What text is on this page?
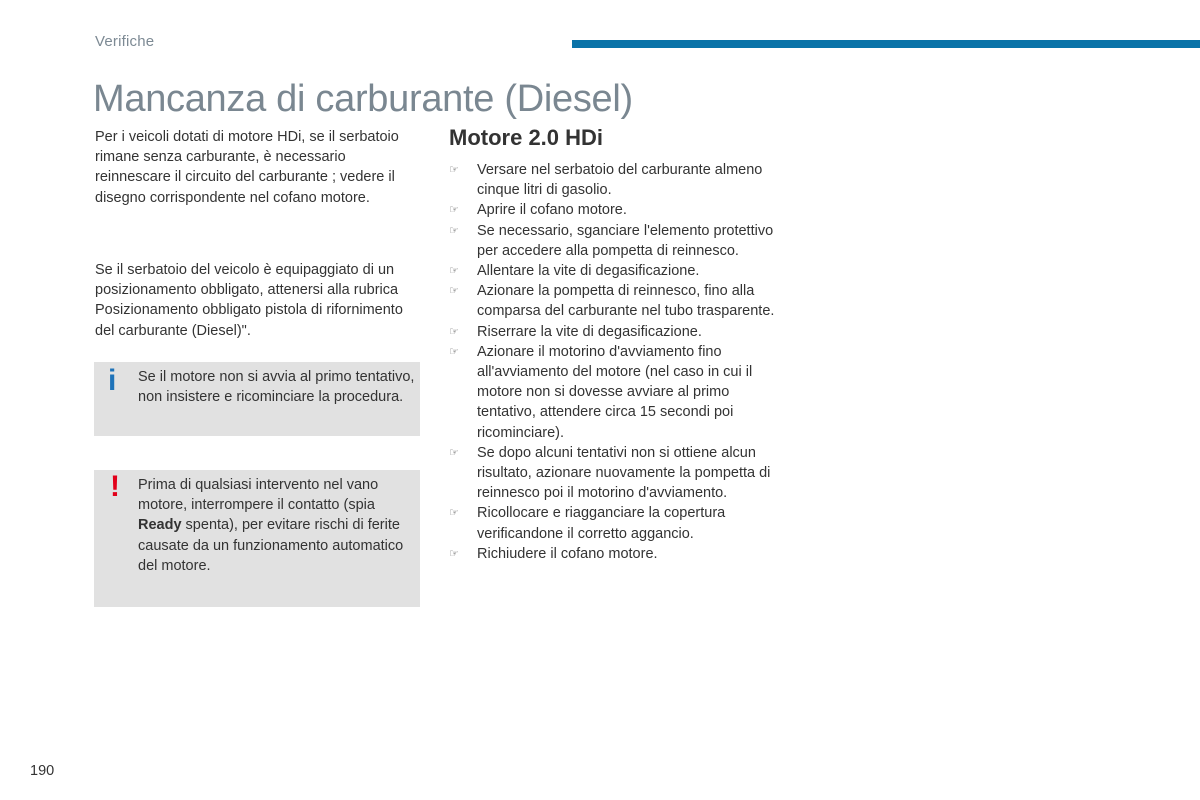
Verifiche
Mancanza di carburante (Diesel)

Per i veicoli dotati di motore HDi, se il serbatoio rimane senza carburante, è necessario reinnescare il circuito del carburante ; vedere il disegno corrispondente nel cofano motore.

Se il serbatoio del veicolo è equipaggiato di un posizionamento obbligato, attenersi alla rubrica Posizionamento obbligato pistola di rifornimento del carburante (Diesel)".

i Se il motore non si avvia al primo tentativo, non insistere e ricominciare la procedura.

! Prima di qualsiasi intervento nel vano motore, interrompere il contatto (spia Ready spenta), per evitare rischi di ferite causate da un funzionamento automatico del motore.

Motore 2.0 HDi
☞ Versare nel serbatoio del carburante almeno cinque litri di gasolio.
☞ Aprire il cofano motore.
☞ Se necessario, sganciare l'elemento protettivo per accedere alla pompetta di reinnesco.
☞ Allentare la vite di degasificazione.
☞ Azionare la pompetta di reinnesco, fino alla comparsa del carburante nel tubo trasparente.
☞ Riserrare la vite di degasificazione.
☞ Azionare il motorino d'avviamento fino all'avviamento del motore (nel caso in cui il motore non si dovesse avviare al primo tentativo, attendere circa 15 secondi poi ricominciare).
☞ Se dopo alcuni tentativi non si ottiene alcun risultato, azionare nuovamente la pompetta di reinnesco poi il motorino d'avviamento.
☞ Ricollocare e riagganciare la copertura verificandone il corretto aggancio.
☞ Richiudere il cofano motore.
190
